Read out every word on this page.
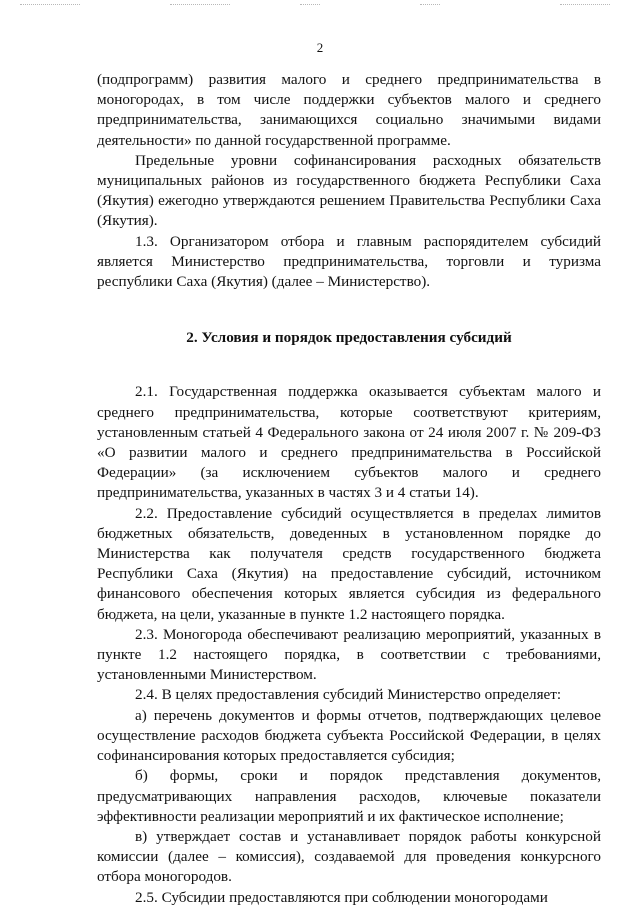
2

(подпрограмм) развития малого и среднего предпринимательства в моногородах, в том числе поддержки субъектов малого и среднего предпринимательства, занимающихся социально значимыми видами деятельности» по данной государственной программе.

Предельные уровни софинансирования расходных обязательств муниципальных районов из государственного бюджета Республики Саха (Якутия) ежегодно утверждаются решением Правительства Республики Саха (Якутия).

1.3. Организатором отбора и главным распорядителем субсидий является Министерство предпринимательства, торговли и туризма республики Саха (Якутия) (далее – Министерство).

2. Условия и порядок предоставления субсидий

2.1. Государственная поддержка оказывается субъектам малого и среднего предпринимательства, которые соответствуют критериям, установленным статьей 4 Федерального закона от 24 июля 2007 г. № 209-ФЗ «О развитии малого и среднего предпринимательства в Российской Федерации» (за исключением субъектов малого и среднего предпринимательства, указанных в частях 3 и 4 статьи 14).

2.2. Предоставление субсидий осуществляется в пределах лимитов бюджетных обязательств, доведенных в установленном порядке до Министерства как получателя средств государственного бюджета Республики Саха (Якутия) на предоставление субсидий, источником финансового обеспечения которых является субсидия из федерального бюджета, на цели, указанные в пункте 1.2 настоящего порядка.

2.3. Моногорода обеспечивают реализацию мероприятий, указанных в пункте 1.2 настоящего порядка, в соответствии с требованиями, установленными Министерством.

2.4. В целях предоставления субсидий Министерство определяет:

а) перечень документов и формы отчетов, подтверждающих целевое осуществление расходов бюджета субъекта Российской Федерации, в целях софинансирования которых предоставляется субсидия;

б) формы, сроки и порядок представления документов, предусматривающих направления расходов, ключевые показатели эффективности реализации мероприятий и их фактическое исполнение;

в) утверждает состав и устанавливает порядок работы конкурсной комиссии (далее – комиссия), создаваемой для проведения конкурсного отбора моногородов.

2.5. Субсидии предоставляются при соблюдении моногородами
